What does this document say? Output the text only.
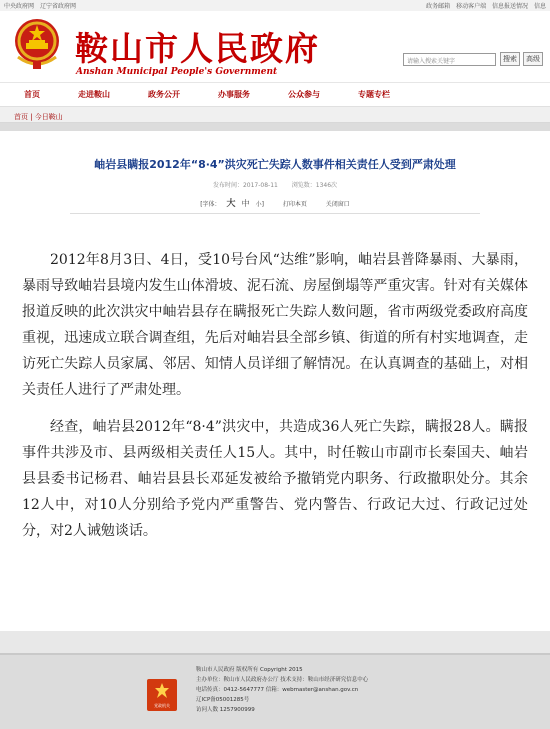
中央政府网 辽宁省政府网	政务邮箱 移动客户端 信息报送情况 信息
鞍山市人民政府
Anshan Municipal People's Government
请输入搜索关键字	搜索	高级
首页	走进鞍山	政务公开	办事服务	公众参与	专题专栏
首页 | 今日鞍山
岫岩县瞒报2012年“8·4”洪灾死亡失踪人数事件相关责任人受到严肃处理
发布时间：2017-08-11 浏览数：1346次
[字体： 大 中 小]	打印本页	关闭窗口

2012年8月3日、4日，受10号台风“达维”影响，岫岩县普降暴雨、大暴雨，暴雨导致岫岩县境内发生山体滑坡、泥石流、房屋倒塌等严重灾害。针对有关媒体报道反映的此次洪灾中岫岩县存在瞒报死亡失踪人数问题，省市两级党委政府高度重视，迅速成立联合调查组，先后对岫岩县全部乡镇、街道的所有村实地调查，走访死亡失踪人员家属、邻居、知情人员详细了解情况。在认真调查的基础上，对相关责任人进行了严肃处理。

经查，岫岩县2012年“8·4”洪灾中，共造成36人死亡失踪，瞒报28人。瞒报事件共涉及市、县两级相关责任人15人。其中，时任鞍山市副市长秦国夫、岫岩县县委书记杨君、岫岩县县长邓延发被给予撤销党内职务、行政撤职处分。其余12人中，对10人分别给予党内严重警告、党内警告、行政记大过、行政记过处分，对2人诫勉谈话。

党政机关
鞍山市人民政府 版权所有 Copyright 2015
主办单位：鞍山市人民政府办公厅 技术支持：鞍山市经济研究信息中心
电话传真：0412-5647777 信箱：webmaster@anshan.gov.cn
辽ICP备05001285号
访问人数 1257900999
